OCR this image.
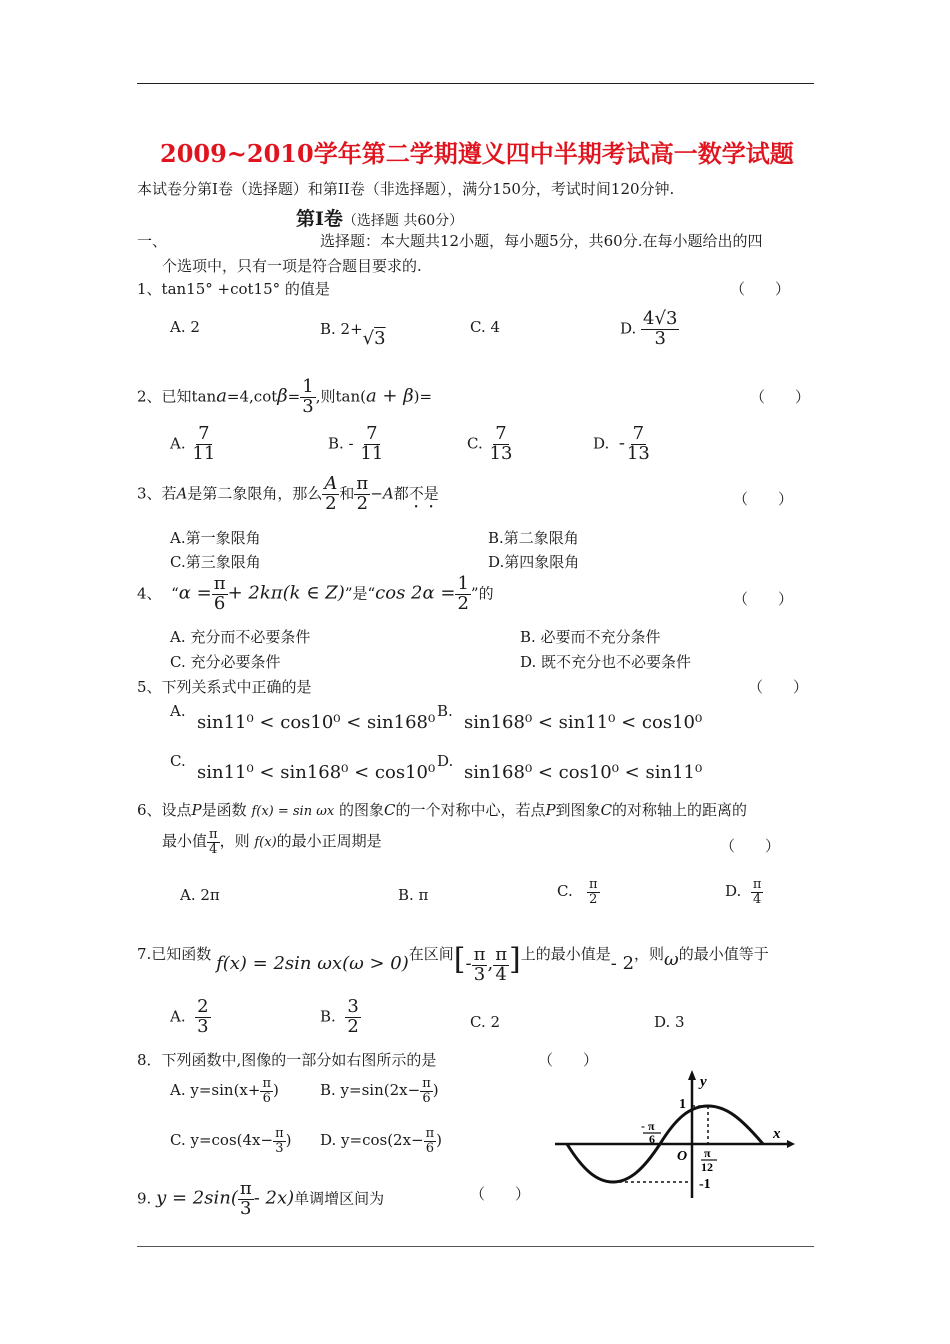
2009~2010学年第二学期遵义四中半期考试高一数学试题
本试卷分第Ⅰ卷（选择题）和第II卷（非选择题），满分150分，考试时间120分钟.
第Ⅰ卷（选择题 共60分）
一、	选择题：本大题共12小题，每小题5分，共60分.在每小题给出的四
个选项中，只有一项是符合题目要求的.
1、tan15° +cot15° 的值是	（　　）
A. 2	B. 2+√3
C. 4	D. $\frac{4√3}{3}$
2、已知$\tan a=4,\cot\beta= \frac{1}{3}$ ,则tan(a + β)=	（　　）
A. $\frac{7}{11}$	B. - $\frac{7}{11}$	C. $\frac{7}{13}$	D. - $\frac{7}{13}$
3、若A是第二象限角，那么 $\frac{A}{2}$ 和 $\frac{\pi}{2} -A$都不是	（　　）
A.第一象限角	B.第二象限角
C.第三象限角	D.第四象限角
4、 “$\alpha = \frac{\pi}{6} + 2k\pi(k$ ∈ Z)”是“cos $2\alpha = \frac{1}{2}$ ”的	（　　）
A. 充分而不必要条件	B. 必要而不充分条件
C. 充分必要条件	D. 既不充分也不必要条件
5、下列关系式中正确的是	（　　）
A.
sin11⁰ < cos10⁰ < sin168⁰
B.
sin168⁰ < sin11⁰ < cos10⁰
C.
sin11⁰ < sin168⁰ < cos10⁰
D.
sin168⁰ < cos10⁰ < sin11⁰
6、设点P是函数 f(x) = sin ωx 的图象C的一个对称中心，若点P到图象C的对称轴上的距离的
最小值 $\frac{\pi}{4}$ ，则 f(x)的最小正周期是	（　　）
A. 2π	B. π	C. $\frac{\pi}{2}$	D. $\frac{\pi}{4}$
7.已知函数 f(x) = 2sin ωx(ω > 0)在区间[- $\frac{\pi}{3}$ , $\frac{\pi}{4}$ ]上的最小值是- 2，则ω的最小值等于
A. $\frac{2}{3}$	B. $\frac{3}{2}$	C. 2	D. 3
8．下列函数中,图像的一部分如右图所示的是	（　　）
A. $y=\sin(x+ \frac{\pi}{6}$ )	B. $y=\sin(2x- \frac{\pi}{6}$ )
C. $y=\cos(4x- \frac{\pi}{3}$ ) D. $y=\cos(2x- \frac{\pi}{6}$ )
y
x
1
-1
O
- π
6
π
12
9. $y = 2\sin( \frac{\pi}{3} - 2x)$单调增区间为	（　　）
